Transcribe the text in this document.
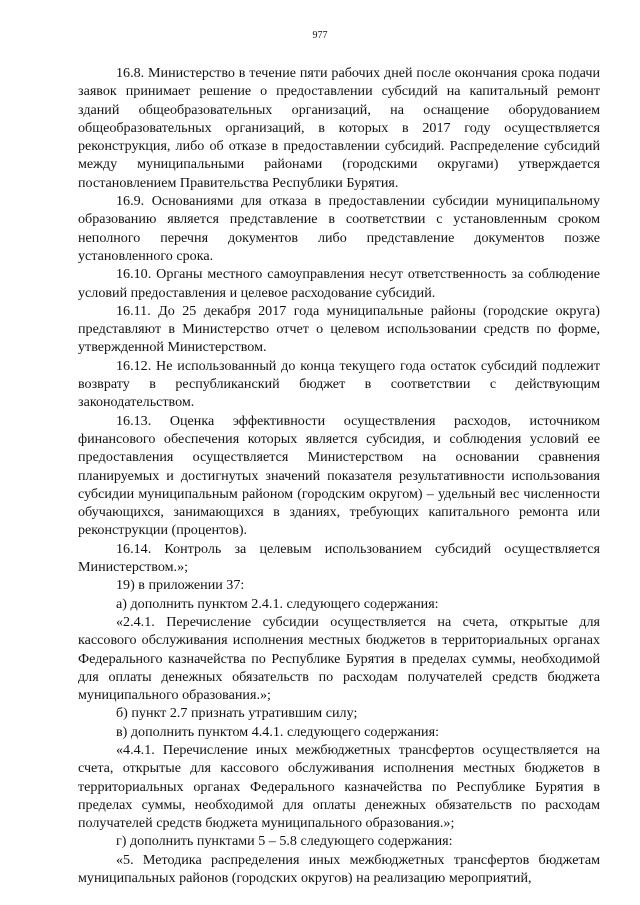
977

16.8. Министерство в течение пяти рабочих дней после окончания срока подачи заявок принимает решение о предоставлении субсидий на капитальный ремонт зданий общеобразовательных организаций, на оснащение оборудованием общеобразовательных организаций, в которых в 2017 году осуществляется реконструкция, либо об отказе в предоставлении субсидий. Распределение субсидий между муниципальными районами (городскими округами) утверждается постановлением Правительства Республики Бурятия.

16.9. Основаниями для отказа в предоставлении субсидии муниципальному образованию является представление в соответствии с установленным сроком неполного перечня документов либо представление документов позже установленного срока.

16.10. Органы местного самоуправления несут ответственность за соблюдение условий предоставления и целевое расходование субсидий.

16.11. До 25 декабря 2017 года муниципальные районы (городские округа) представляют в Министерство отчет о целевом использовании средств по форме, утвержденной Министерством.

16.12. Не использованный до конца текущего года остаток субсидий подлежит возврату в республиканский бюджет в соответствии с действующим законодательством.

16.13. Оценка эффективности осуществления расходов, источником финансового обеспечения которых является субсидия, и соблюдения условий ее предоставления осуществляется Министерством на основании сравнения планируемых и достигнутых значений показателя результативности использования субсидии муниципальным районом (городским округом) – удельный вес численности обучающихся, занимающихся в зданиях, требующих капитального ремонта или реконструкции (процентов).

16.14. Контроль за целевым использованием субсидий осуществляется Министерством.»;

19) в приложении 37:

а) дополнить пунктом 2.4.1. следующего содержания:

«2.4.1. Перечисление субсидии осуществляется на счета, открытые для кассового обслуживания исполнения местных бюджетов в территориальных органах Федерального казначейства по Республике Бурятия в пределах суммы, необходимой для оплаты денежных обязательств по расходам получателей средств бюджета муниципального образования.»;

б) пункт 2.7 признать утратившим силу;

в) дополнить пунктом 4.4.1. следующего содержания:

«4.4.1. Перечисление иных межбюджетных трансфертов осуществляется на счета, открытые для кассового обслуживания исполнения местных бюджетов в территориальных органах Федерального казначейства по Республике Бурятия в пределах суммы, необходимой для оплаты денежных обязательств по расходам получателей средств бюджета муниципального образования.»;

г) дополнить пунктами 5 – 5.8 следующего содержания:

«5. Методика распределения иных межбюджетных трансфертов бюджетам муниципальных районов (городских округов) на реализацию мероприятий,
